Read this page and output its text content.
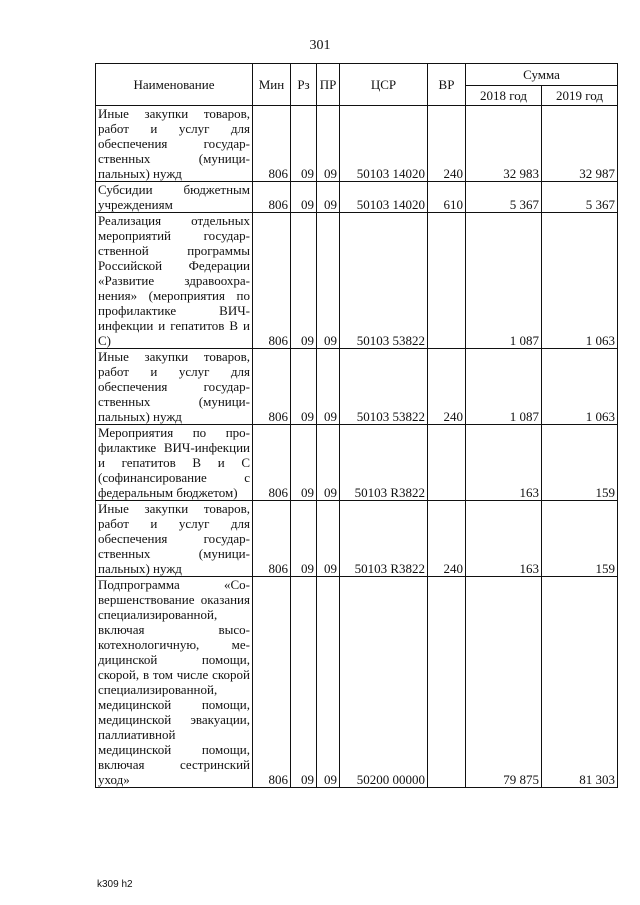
301
Наименование	Мин	Рз	ПР	ЦСР	ВР	Сумма	
						2018 год	2019 год
Иные закупки товаров, работ и услуг для обеспечения государственных (муниципальных) нужд	806	09	09	50103 14020	240	32 983	32 987
Субсидии бюджетным учреждениям	806	09	09	50103 14020	610	5 367	5 367
Реализация отдельных мероприятий государственной программы Российской Федерации «Развитие здравоохранения» (мероприятия по профилактике ВИЧ-инфекции и гепатитов В и С)	806	09	09	50103 53822		1 087	1 063
Иные закупки товаров, работ и услуг для обеспечения государственных (муниципальных) нужд	806	09	09	50103 53822	240	1 087	1 063
Мероприятия по профилактике ВИЧ-инфекции и гепатитов В и С (софинансирование с федеральным бюджетом)	806	09	09	50103 R3822		163	159
Иные закупки товаров, работ и услуг для обеспечения государственных (муниципальных) нужд	806	09	09	50103 R3822	240	163	159
Подпрограмма «Совершенствование оказания специализированной, включая высокотехнологичную, медицинской помощи, скорой, в том числе скорой специализированной, медицинской помощи, медицинской эвакуации, паллиативной медицинской помощи, включая сестринский уход»	806	09	09	50200 00000		79 875	81 303
k309 h2
